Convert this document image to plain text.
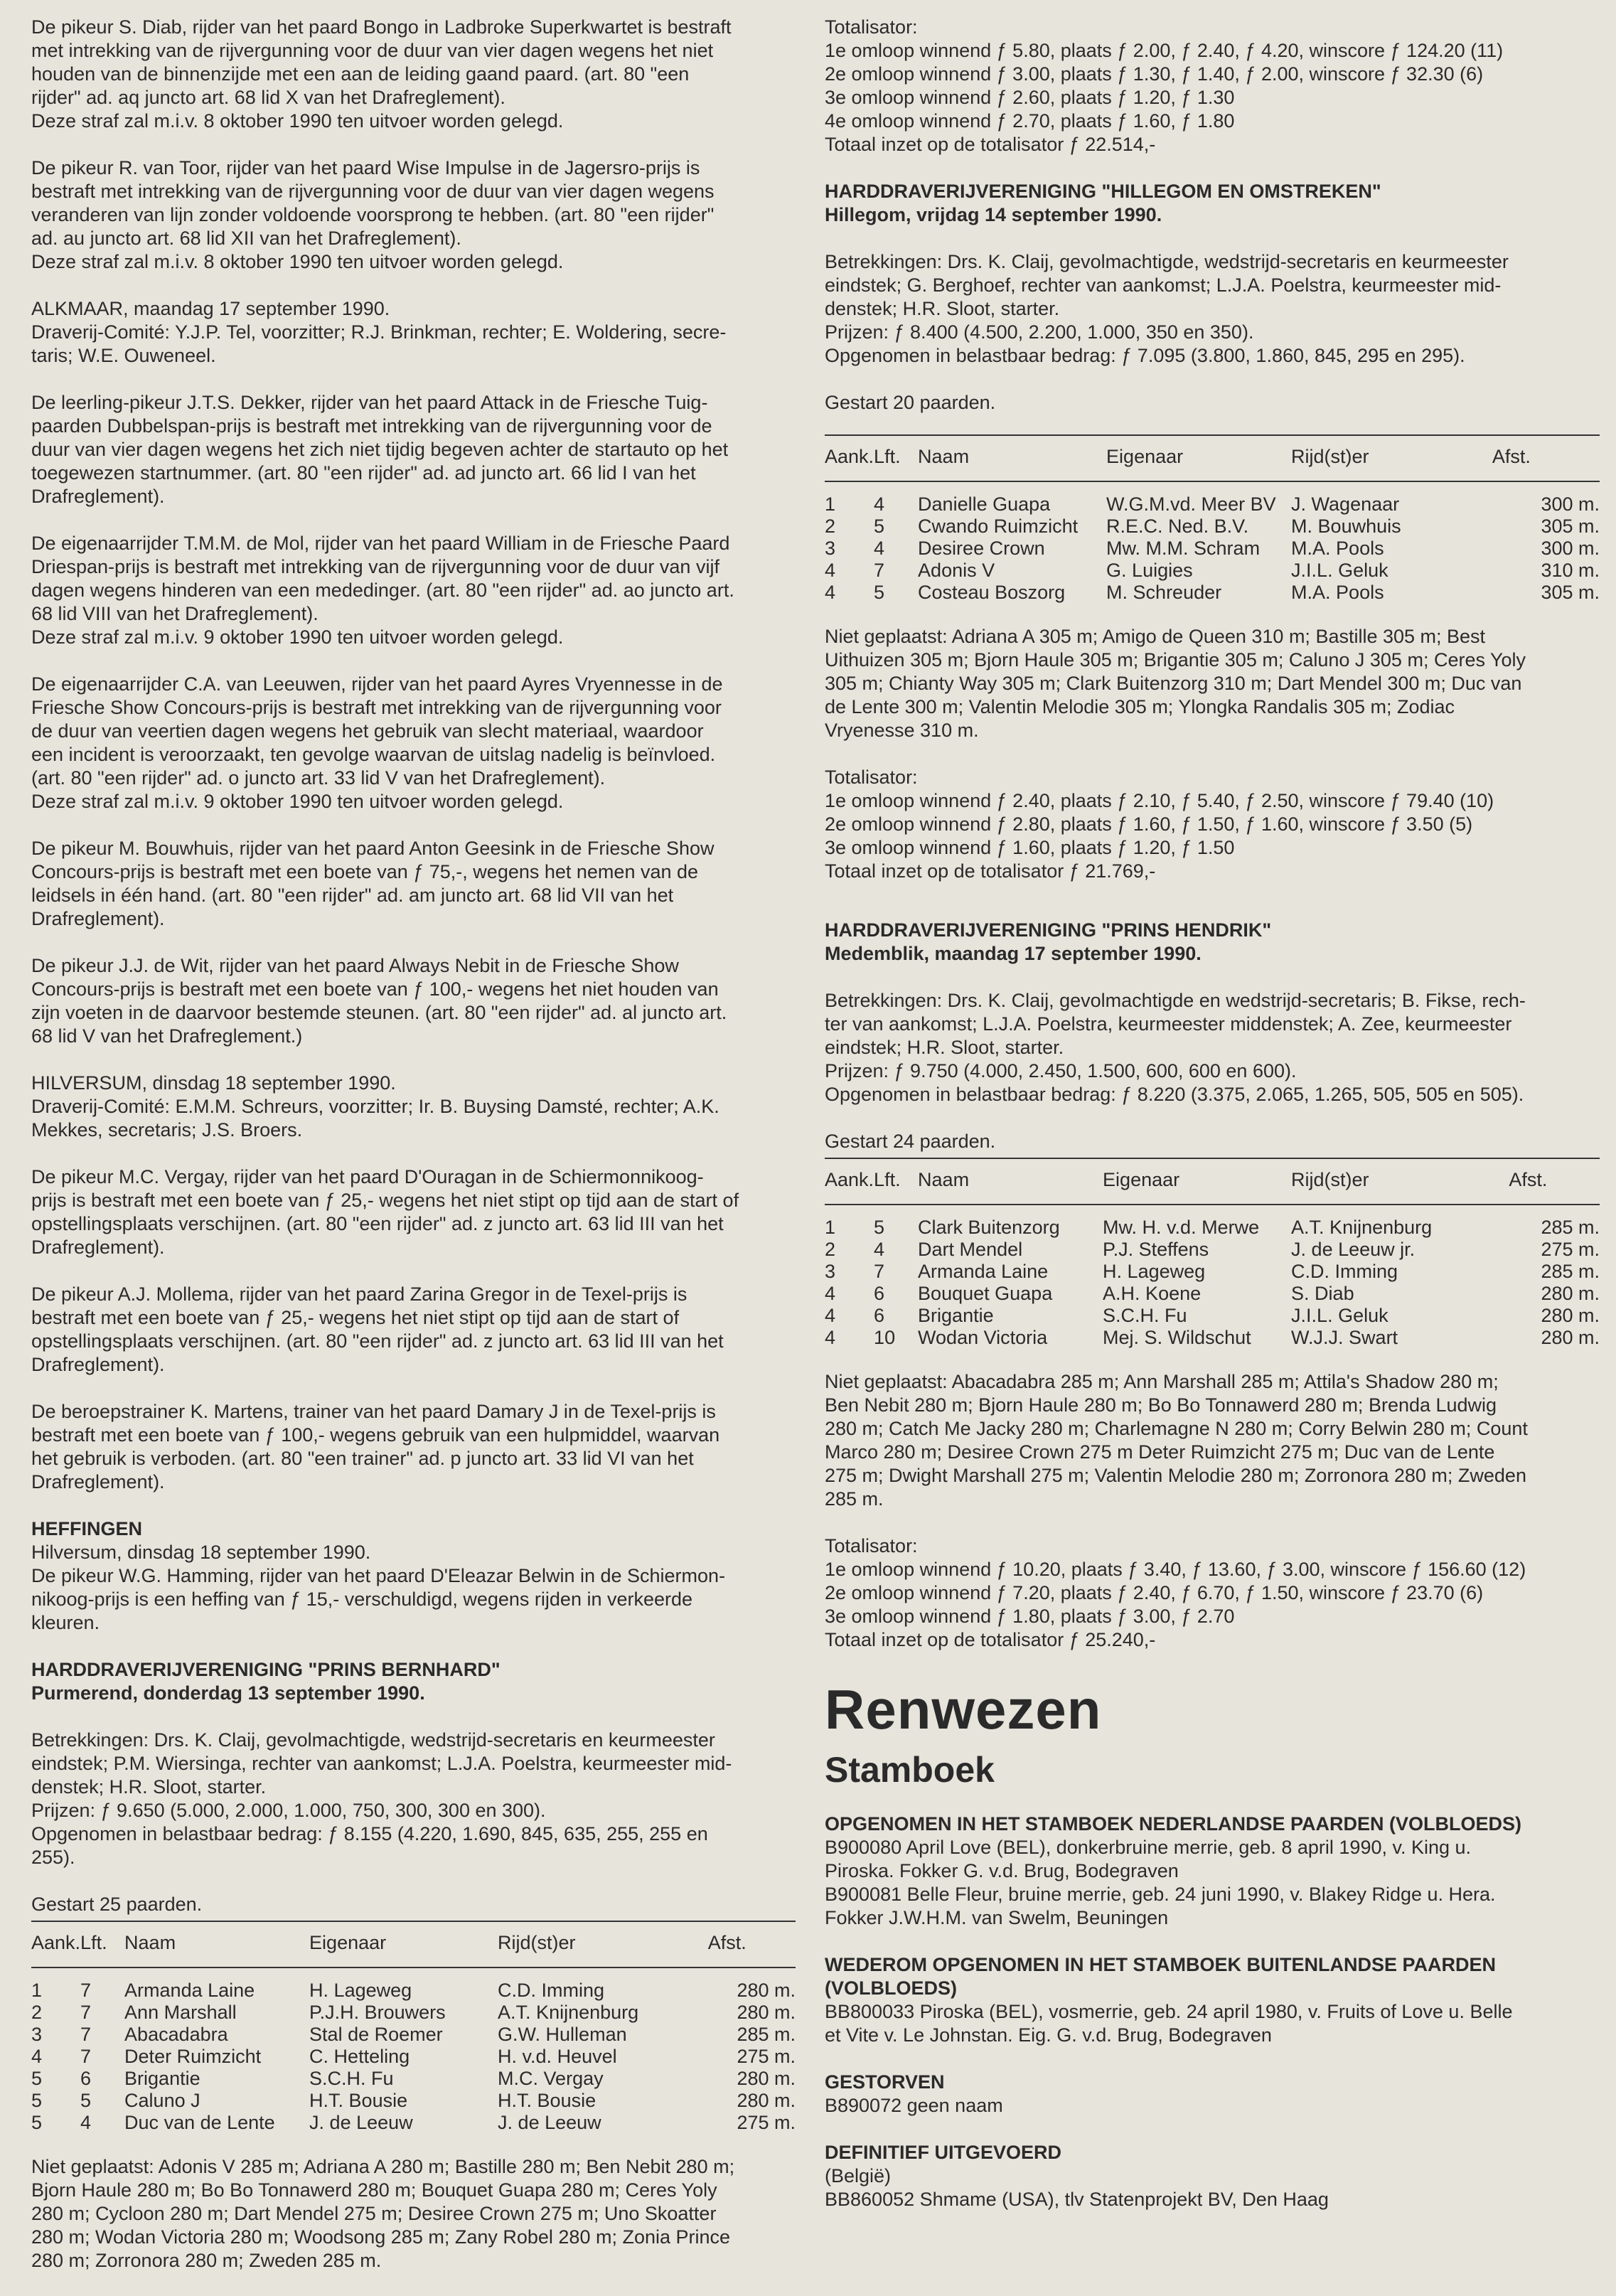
De pikeur S. Diab, rijder van het paard Bongo in Ladbroke Superkwartet is bestraft
met intrekking van de rijvergunning voor de duur van vier dagen wegens het niet
houden van de binnenzijde met een aan de leiding gaand paard. (art. 80 "een
rijder" ad. aq juncto art. 68 lid X van het Drafreglement).
Deze straf zal m.i.v. 8 oktober 1990 ten uitvoer worden gelegd.

De pikeur R. van Toor, rijder van het paard Wise Impulse in de Jagersro-prijs is
bestraft met intrekking van de rijvergunning voor de duur van vier dagen wegens
veranderen van lijn zonder voldoende voorsprong te hebben. (art. 80 "een rijder"
ad. au juncto art. 68 lid XII van het Drafreglement).
Deze straf zal m.i.v. 8 oktober 1990 ten uitvoer worden gelegd.

ALKMAAR, maandag 17 september 1990.
Draverij-Comité: Y.J.P. Tel, voorzitter; R.J. Brinkman, rechter; E. Woldering, secre-
taris; W.E. Ouweneel.

De leerling-pikeur J.T.S. Dekker, rijder van het paard Attack in de Friesche Tuig-
paarden Dubbelspan-prijs is bestraft met intrekking van de rijvergunning voor de
duur van vier dagen wegens het zich niet tijdig begeven achter de startauto op het
toegewezen startnummer. (art. 80 "een rijder" ad. ad juncto art. 66 lid I van het
Drafreglement).

De eigenaarrijder T.M.M. de Mol, rijder van het paard William in de Friesche Paard
Driespan-prijs is bestraft met intrekking van de rijvergunning voor de duur van vijf
dagen wegens hinderen van een mededinger. (art. 80 "een rijder" ad. ao juncto art.
68 lid VIII van het Drafreglement).
Deze straf zal m.i.v. 9 oktober 1990 ten uitvoer worden gelegd.

De eigenaarrijder C.A. van Leeuwen, rijder van het paard Ayres Vryennesse in de
Friesche Show Concours-prijs is bestraft met intrekking van de rijvergunning voor
de duur van veertien dagen wegens het gebruik van slecht materiaal, waardoor
een incident is veroorzaakt, ten gevolge waarvan de uitslag nadelig is beïnvloed.
(art. 80 "een rijder" ad. o juncto art. 33 lid V van het Drafreglement).
Deze straf zal m.i.v. 9 oktober 1990 ten uitvoer worden gelegd.

De pikeur M. Bouwhuis, rijder van het paard Anton Geesink in de Friesche Show
Concours-prijs is bestraft met een boete van ƒ 75,-, wegens het nemen van de
leidsels in één hand. (art. 80 "een rijder" ad. am juncto art. 68 lid VII van het
Drafreglement).

De pikeur J.J. de Wit, rijder van het paard Always Nebit in de Friesche Show
Concours-prijs is bestraft met een boete van ƒ 100,- wegens het niet houden van
zijn voeten in de daarvoor bestemde steunen. (art. 80 "een rijder" ad. al juncto art.
68 lid V van het Drafreglement.)

HILVERSUM, dinsdag 18 september 1990.
Draverij-Comité: E.M.M. Schreurs, voorzitter; Ir. B. Buysing Damsté, rechter; A.K.
Mekkes, secretaris; J.S. Broers.

De pikeur M.C. Vergay, rijder van het paard D'Ouragan in de Schiermonnikoog-
prijs is bestraft met een boete van ƒ 25,- wegens het niet stipt op tijd aan de start of
opstellingsplaats verschijnen. (art. 80 "een rijder" ad. z juncto art. 63 lid III van het
Drafreglement).

De pikeur A.J. Mollema, rijder van het paard Zarina Gregor in de Texel-prijs is
bestraft met een boete van ƒ 25,- wegens het niet stipt op tijd aan de start of
opstellingsplaats verschijnen. (art. 80 "een rijder" ad. z juncto art. 63 lid III van het
Drafreglement).

De beroepstrainer K. Martens, trainer van het paard Damary J in de Texel-prijs is
bestraft met een boete van ƒ 100,- wegens gebruik van een hulpmiddel, waarvan
het gebruik is verboden. (art. 80 "een trainer" ad. p juncto art. 33 lid VI van het
Drafreglement).

HEFFINGEN

Hilversum, dinsdag 18 september 1990.
De pikeur W.G. Hamming, rijder van het paard D'Eleazar Belwin in de Schiermon-
nikoog-prijs is een heffing van ƒ 15,- verschuldigd, wegens rijden in verkeerde
kleuren.

HARDDRAVERIJVERENIGING "PRINS BERNHARD"

Purmerend, donderdag 13 september 1990.

Betrekkingen: Drs. K. Claij, gevolmachtigde, wedstrijd-secretaris en keurmeester
eindstek; P.M. Wiersinga, rechter van aankomst; L.J.A. Poelstra, keurmeester mid-
denstek; H.R. Sloot, starter.
Prijzen: ƒ 9.650 (5.000, 2.000, 1.000, 750, 300, 300 en 300).
Opgenomen in belastbaar bedrag: ƒ 8.155 (4.220, 1.690, 845, 635, 255, 255 en
255).

Gestart 25 paarden.

Aank.	Lft.	Naam	Eigenaar	Rijd(st)er	Afst.
1	7	Armanda Laine	H. Lageweg	C.D. Imming	280 m.
2	7	Ann Marshall	P.J.H. Brouwers	A.T. Knijnenburg	280 m.
3	7	Abacadabra	Stal de Roemer	G.W. Hulleman	285 m.
4	7	Deter Ruimzicht	C. Hetteling	H. v.d. Heuvel	275 m.
5	6	Brigantie	S.C.H. Fu	M.C. Vergay	280 m.
5	5	Caluno J	H.T. Bousie	H.T. Bousie	280 m.
5	4	Duc van de Lente	J. de Leeuw	J. de Leeuw	275 m.

Niet geplaatst: Adonis V 285 m; Adriana A 280 m; Bastille 280 m; Ben Nebit 280 m;
Bjorn Haule 280 m; Bo Bo Tonnawerd 280 m; Bouquet Guapa 280 m; Ceres Yoly
280 m; Cycloon 280 m; Dart Mendel 275 m; Desiree Crown 275 m; Uno Skoatter
280 m; Wodan Victoria 280 m; Woodsong 285 m; Zany Robel 280 m; Zonia Prince
280 m; Zorronora 280 m; Zweden 285 m.

Totalisator:
1e omloop winnend ƒ 5.80, plaats ƒ 2.00, ƒ 2.40, ƒ 4.20, winscore ƒ 124.20 (11)
2e omloop winnend ƒ 3.00, plaats ƒ 1.30, ƒ 1.40, ƒ 2.00, winscore ƒ 32.30 (6)
3e omloop winnend ƒ 2.60, plaats ƒ 1.20, ƒ 1.30
4e omloop winnend ƒ 2.70, plaats ƒ 1.60, ƒ 1.80
Totaal inzet op de totalisator ƒ 22.514,-

HARDDRAVERIJVERENIGING "HILLEGOM EN OMSTREKEN"

Hillegom, vrijdag 14 september 1990.

Betrekkingen: Drs. K. Claij, gevolmachtigde, wedstrijd-secretaris en keurmeester
eindstek; G. Berghoef, rechter van aankomst; L.J.A. Poelstra, keurmeester mid-
denstek; H.R. Sloot, starter.
Prijzen: ƒ 8.400 (4.500, 2.200, 1.000, 350 en 350).
Opgenomen in belastbaar bedrag: ƒ 7.095 (3.800, 1.860, 845, 295 en 295).

Gestart 20 paarden.

Aank.	Lft.	Naam	Eigenaar	Rijd(st)er	Afst.
1	4	Danielle Guapa	W.G.M.vd. Meer BV	J. Wagenaar	300 m.
2	5	Cwando Ruimzicht	R.E.C. Ned. B.V.	M. Bouwhuis	305 m.
3	4	Desiree Crown	Mw. M.M. Schram	M.A. Pools	300 m.
4	7	Adonis V	G. Luigies	J.I.L. Geluk	310 m.
4	5	Costeau Boszorg	M. Schreuder	M.A. Pools	305 m.

Niet geplaatst: Adriana A 305 m; Amigo de Queen 310 m; Bastille 305 m; Best
Uithuizen 305 m; Bjorn Haule 305 m; Brigantie 305 m; Caluno J 305 m; Ceres Yoly
305 m; Chianty Way 305 m; Clark Buitenzorg 310 m; Dart Mendel 300 m; Duc van
de Lente 300 m; Valentin Melodie 305 m; Ylongka Randalis 305 m; Zodiac
Vryenesse 310 m.

Totalisator:
1e omloop winnend ƒ 2.40, plaats ƒ 2.10, ƒ 5.40, ƒ 2.50, winscore ƒ 79.40 (10)
2e omloop winnend ƒ 2.80, plaats ƒ 1.60, ƒ 1.50, ƒ 1.60, winscore ƒ 3.50 (5)
3e omloop winnend ƒ 1.60, plaats ƒ 1.20, ƒ 1.50
Totaal inzet op de totalisator ƒ 21.769,-

HARDDRAVERIJVERENIGING "PRINS HENDRIK"

Medemblik, maandag 17 september 1990.

Betrekkingen: Drs. K. Claij, gevolmachtigde en wedstrijd-secretaris; B. Fikse, rech-
ter van aankomst; L.J.A. Poelstra, keurmeester middenstek; A. Zee, keurmeester
eindstek; H.R. Sloot, starter.
Prijzen: ƒ 9.750 (4.000, 2.450, 1.500, 600, 600 en 600).
Opgenomen in belastbaar bedrag: ƒ 8.220 (3.375, 2.065, 1.265, 505, 505 en 505).

Gestart 24 paarden.

Aank.	Lft.	Naam	Eigenaar	Rijd(st)er	Afst.
1	5	Clark Buitenzorg	Mw. H. v.d. Merwe	A.T. Knijnenburg	285 m.
2	4	Dart Mendel	P.J. Steffens	J. de Leeuw jr.	275 m.
3	7	Armanda Laine	H. Lageweg	C.D. Imming	285 m.
4	6	Bouquet Guapa	A.H. Koene	S. Diab	280 m.
4	6	Brigantie	S.C.H. Fu	J.I.L. Geluk	280 m.
4	10	Wodan Victoria	Mej. S. Wildschut	W.J.J. Swart	280 m.

Niet geplaatst: Abacadabra 285 m; Ann Marshall 285 m; Attila's Shadow 280 m;
Ben Nebit 280 m; Bjorn Haule 280 m; Bo Bo Tonnawerd 280 m; Brenda Ludwig
280 m; Catch Me Jacky 280 m; Charlemagne N 280 m; Corry Belwin 280 m; Count
Marco 280 m; Desiree Crown 275 m Deter Ruimzicht 275 m; Duc van de Lente
275 m; Dwight Marshall 275 m; Valentin Melodie 280 m; Zorronora 280 m; Zweden
285 m.

Totalisator:
1e omloop winnend ƒ 10.20, plaats ƒ 3.40, ƒ 13.60, ƒ 3.00, winscore ƒ 156.60 (12)
2e omloop winnend ƒ 7.20, plaats ƒ 2.40, ƒ 6.70, ƒ 1.50, winscore ƒ 23.70 (6)
3e omloop winnend ƒ 1.80, plaats ƒ 3.00, ƒ 2.70
Totaal inzet op de totalisator ƒ 25.240,-

Renwezen
Stamboek

OPGENOMEN IN HET STAMBOEK NEDERLANDSE PAARDEN (VOLBLOEDS)

B900080 April Love (BEL), donkerbruine merrie, geb. 8 april 1990, v. King u.
Piroska. Fokker G. v.d. Brug, Bodegraven
B900081 Belle Fleur, bruine merrie, geb. 24 juni 1990, v. Blakey Ridge u. Hera.
Fokker J.W.H.M. van Swelm, Beuningen

WEDEROM OPGENOMEN IN HET STAMBOEK BUITENLANDSE PAARDEN

(VOLBLOEDS)

BB800033 Piroska (BEL), vosmerrie, geb. 24 april 1980, v. Fruits of Love u. Belle
et Vite v. Le Johnstan. Eig. G. v.d. Brug, Bodegraven

GESTORVEN

B890072 geen naam

DEFINITIEF UITGEVOERD

(België)
BB860052 Shmame (USA), tlv Statenprojekt BV, Den Haag
